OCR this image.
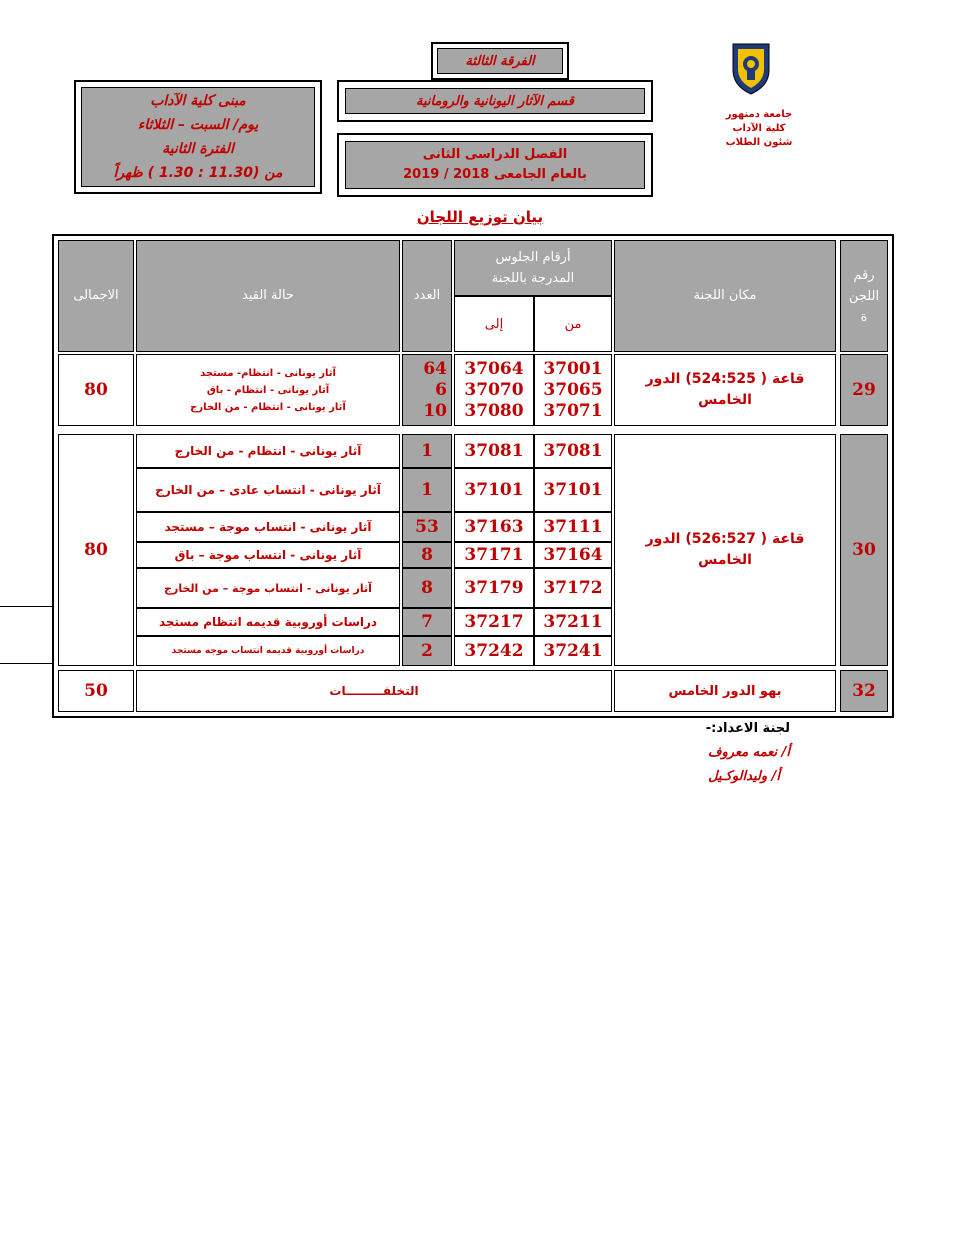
الفرقة الثالثة
قسم الآثار اليونانية والرومانية
الفصل الدراسى الثانى
بالعام الجامعى 2018 / 2019
مبنى كلية الآداب
يوم/ السبت – الثلاثاء
الفترة الثانية
من (11.30 : 1.30 ) ظهراً
جامعة دمنهور
كلية الآداب
شئون الطلاب
بيان توزيع اللجان
رقم
اللجن
ة
مكان اللجنة
أرقام الجلوس
المدرجة باللجنة
من
إلى
العدد
حالة القيد
الاجمالى
29
قاعة ( 524:525) الدور
الخامس
37001
37065
37071
37064
37070
37080
64
6
10
آثار يونانى - انتظام- مستجد
آثار يونانى - انتظام - باق
آثار يونانى - انتظام - من الخارج
80
30
قاعة ( 526:527) الدور
الخامس
80
37081
37081
1
آثار يونانى - انتظام - من الخارج
37101
37101
1
آثار يونانى - انتساب عادى – من الخارج
37111
37163
53
آثار يونانى - انتساب موجة – مستجد
37164
37171
8
آثار يونانى - انتساب موجة – باق
37172
37179
8
آثار يونانى - انتساب موجة – من الخارج
37211
37217
7
دراسات أوروبية قديمه انتظام مستجد
37241
37242
2
دراسات أوروبية قديمه انتساب موجه مستجد
32
بهو الدور الخامس
التخلفـــــــــات
50
لجنة الاعداد:-
أ/ نعمه معروف
أ/ وليدالوكـيل
